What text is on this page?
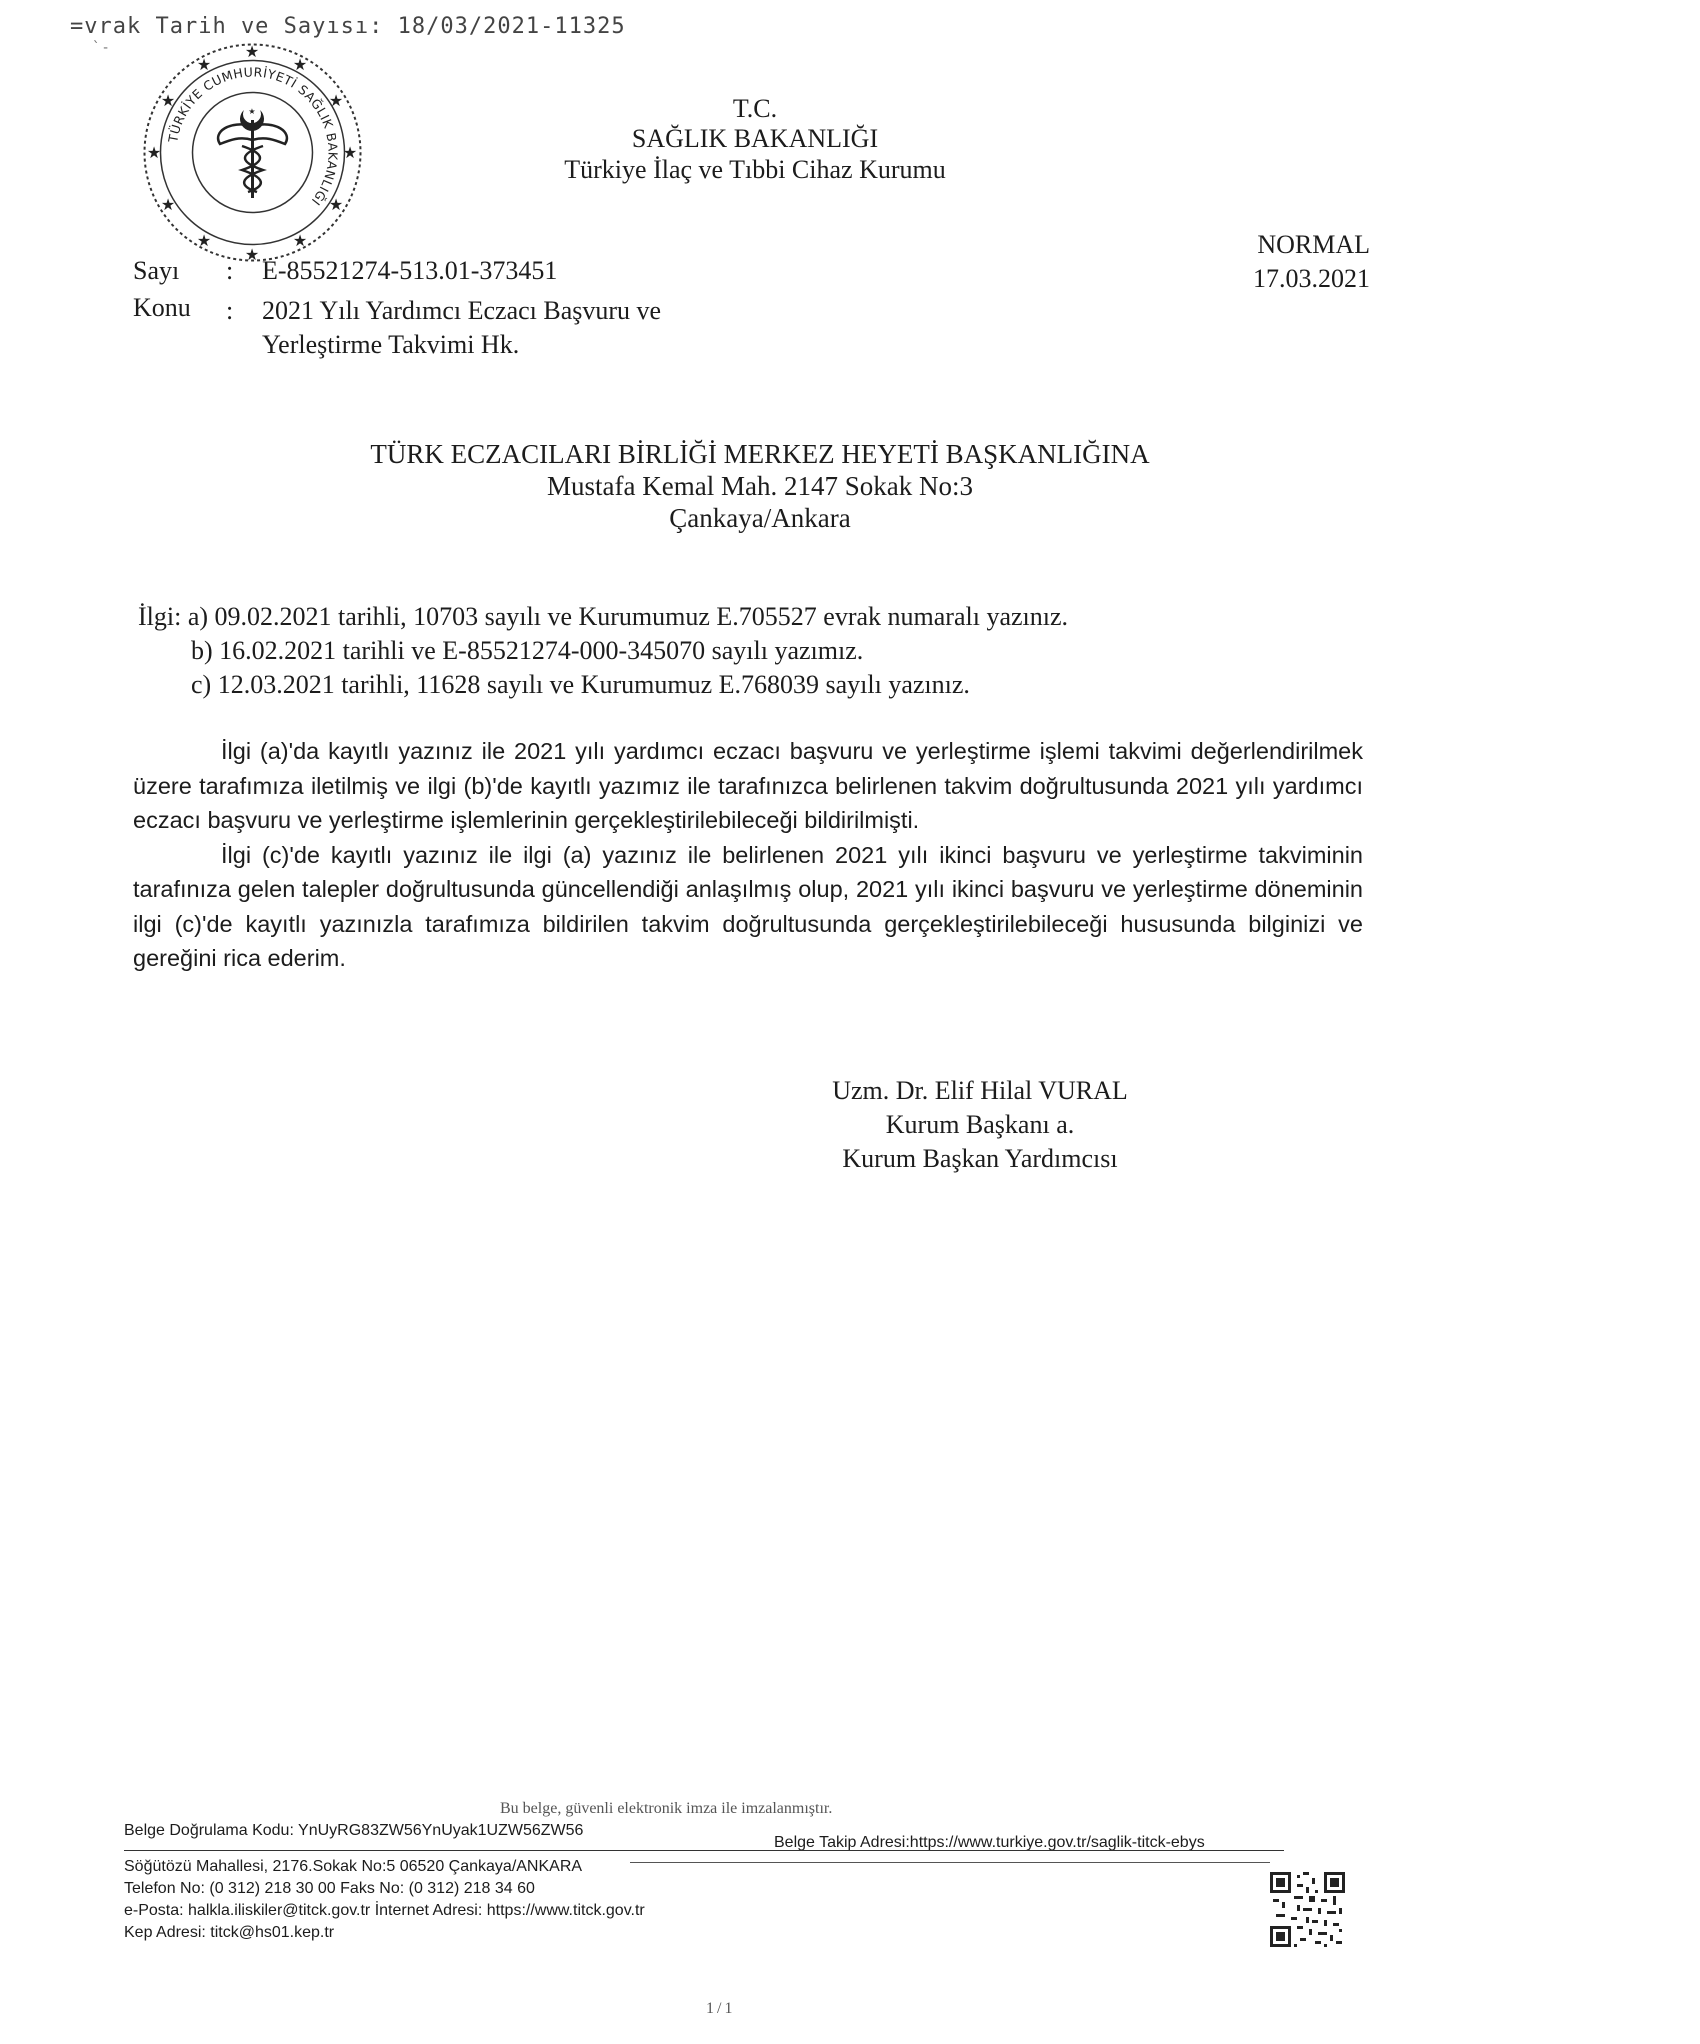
=vrak Tarih ve Sayısı: 18/03/2021-11325
`-
TÜRKİYE CUMHURİYETİ SAĞLIK BAKANLIĞI
★
★
★
★
★
★
★
★
★
★
★
★
★	T.C.
SAĞLIK BAKANLIĞI
Türkiye İlaç ve Tıbbi Cihaz Kurumu
NORMAL
17.03.2021
Sayı : E-85521274-513.01-373451
Konu : 2021 Yılı Yardımcı Eczacı Başvuru ve
Yerleştirme Takvimi Hk.
TÜRK ECZACILARI BİRLİĞİ MERKEZ HEYETİ BAŞKANLIĞINA
Mustafa Kemal Mah. 2147 Sokak No:3
Çankaya/Ankara
İlgi: a) 09.02.2021 tarihli, 10703 sayılı ve Kurumumuz E.705527 evrak numaralı yazınız.
b) 16.02.2021 tarihli ve E-85521274-000-345070 sayılı yazımız.
c) 12.03.2021 tarihli, 11628 sayılı ve Kurumumuz E.768039 sayılı yazınız.

İlgi (a)'da kayıtlı yazınız ile 2021 yılı yardımcı eczacı başvuru ve yerleştirme işlemi takvimi değerlendirilmek üzere tarafımıza iletilmiş ve ilgi (b)'de kayıtlı yazımız ile tarafınızca belirlenen takvim doğrultusunda 2021 yılı yardımcı eczacı başvuru ve yerleştirme işlemlerinin gerçekleştirilebileceği bildirilmişti.

İlgi (c)'de kayıtlı yazınız ile ilgi (a) yazınız ile belirlenen 2021 yılı ikinci başvuru ve yerleştirme takviminin tarafınıza gelen talepler doğrultusunda güncellendiği anlaşılmış olup, 2021 yılı ikinci başvuru ve yerleştirme döneminin ilgi (c)'de kayıtlı yazınızla tarafımıza bildirilen takvim doğrultusunda gerçekleştirilebileceği hususunda bilginizi ve gereğini rica ederim.

Uzm. Dr. Elif Hilal VURAL
Kurum Başkanı a.
Kurum Başkan Yardımcısı
Bu belge, güvenli elektronik imza ile imzalanmıştır.
Belge Doğrulama Kodu: YnUyRG83ZW56YnUyak1UZW56ZW56
Belge Takip Adresi:https://www.turkiye.gov.tr/saglik-titck-ebys
Söğütözü Mahallesi, 2176.Sokak No:5 06520 Çankaya/ANKARA
Telefon No: (0 312) 218 30 00 Faks No: (0 312) 218 34 60
e-Posta: halkla.iliskiler@titck.gov.tr İnternet Adresi: https://www.titck.gov.tr
Kep Adresi: titck@hs01.kep.tr
1/1
